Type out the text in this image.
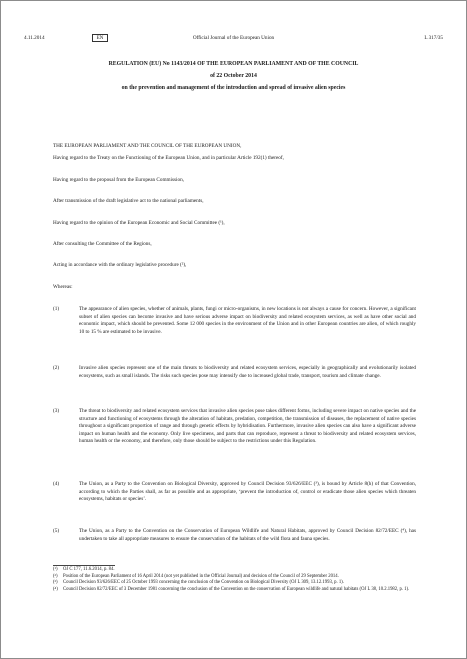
4.11.2014	EN	Official Journal of the European Union	L 317/35
REGULATION (EU) No 1143/2014 OF THE EUROPEAN PARLIAMENT AND OF THE COUNCIL
of 22 October 2014
on the prevention and management of the introduction and spread of invasive alien species
THE EUROPEAN PARLIAMENT AND THE COUNCIL OF THE EUROPEAN UNION,
Having regard to the Treaty on the Functioning of the European Union, and in particular Article 192(1) thereof,
Having regard to the proposal from the European Commission,
After transmission of the draft legislative act to the national parliaments,
Having regard to the opinion of the European Economic and Social Committee (¹),
After consulting the Committee of the Regions,
Acting in accordance with the ordinary legislative procedure (²),
Whereas:
(1)	The appearance of alien species, whether of animals, plants, fungi or micro-organisms, in new locations is not always a cause for concern. However, a significant subset of alien species can become invasive and have serious adverse impact on biodiversity and related ecosystem services, as well as have other social and economic impact, which should be prevented. Some 12 000 species in the environment of the Union and in other European countries are alien, of which roughly 10 to 15 % are estimated to be invasive.
(2)	Invasive alien species represent one of the main threats to biodiversity and related ecosystem services, especially in geographically and evolutionarily isolated ecosystems, such as small islands. The risks such species pose may intensify due to increased global trade, transport, tourism and climate change.
(3)	The threat to biodiversity and related ecosystem services that invasive alien species pose takes different forms, including severe impact on native species and the structure and functioning of ecosystems through the alteration of habitats, predation, competition, the transmission of diseases, the replacement of native species throughout a significant proportion of range and through genetic effects by hybridisation. Furthermore, invasive alien species can also have a significant adverse impact on human health and the economy. Only live specimens, and parts that can reproduce, represent a threat to biodiversity and related ecosystem services, human health or the economy, and therefore, only those should be subject to the restrictions under this Regulation.
(4)	The Union, as a Party to the Convention on Biological Diversity, approved by Council Decision 93/626/EEC (³), is bound by Article 8(h) of that Convention, according to which the Parties shall, as far as possible and as appropriate, ‘prevent the introduction of, control or eradicate those alien species which threaten ecosystems, habitats or species’.
(5)	The Union, as a Party to the Convention on the Conservation of European Wildlife and Natural Habitats, approved by Council Decision 82/72/EEC (⁴), has undertaken to take all appropriate measures to ensure the conservation of the habitats of the wild flora and fauna species.
(¹) OJ C 177, 11.6.2014, p. 84.
(²) Position of the European Parliament of 16 April 2014 (not yet published in the Official Journal) and decision of the Council of 29 September 2014.
(³) Council Decision 93/626/EEC of 25 October 1993 concerning the conclusion of the Convention on Biological Diversity (OJ L 309, 13.12.1993, p. 1).
(⁴) Council Decision 82/72/EEC of 3 December 1981 concerning the conclusion of the Convention on the conservation of European wildlife and natural habitats (OJ L 38, 10.2.1982, p. 1).
